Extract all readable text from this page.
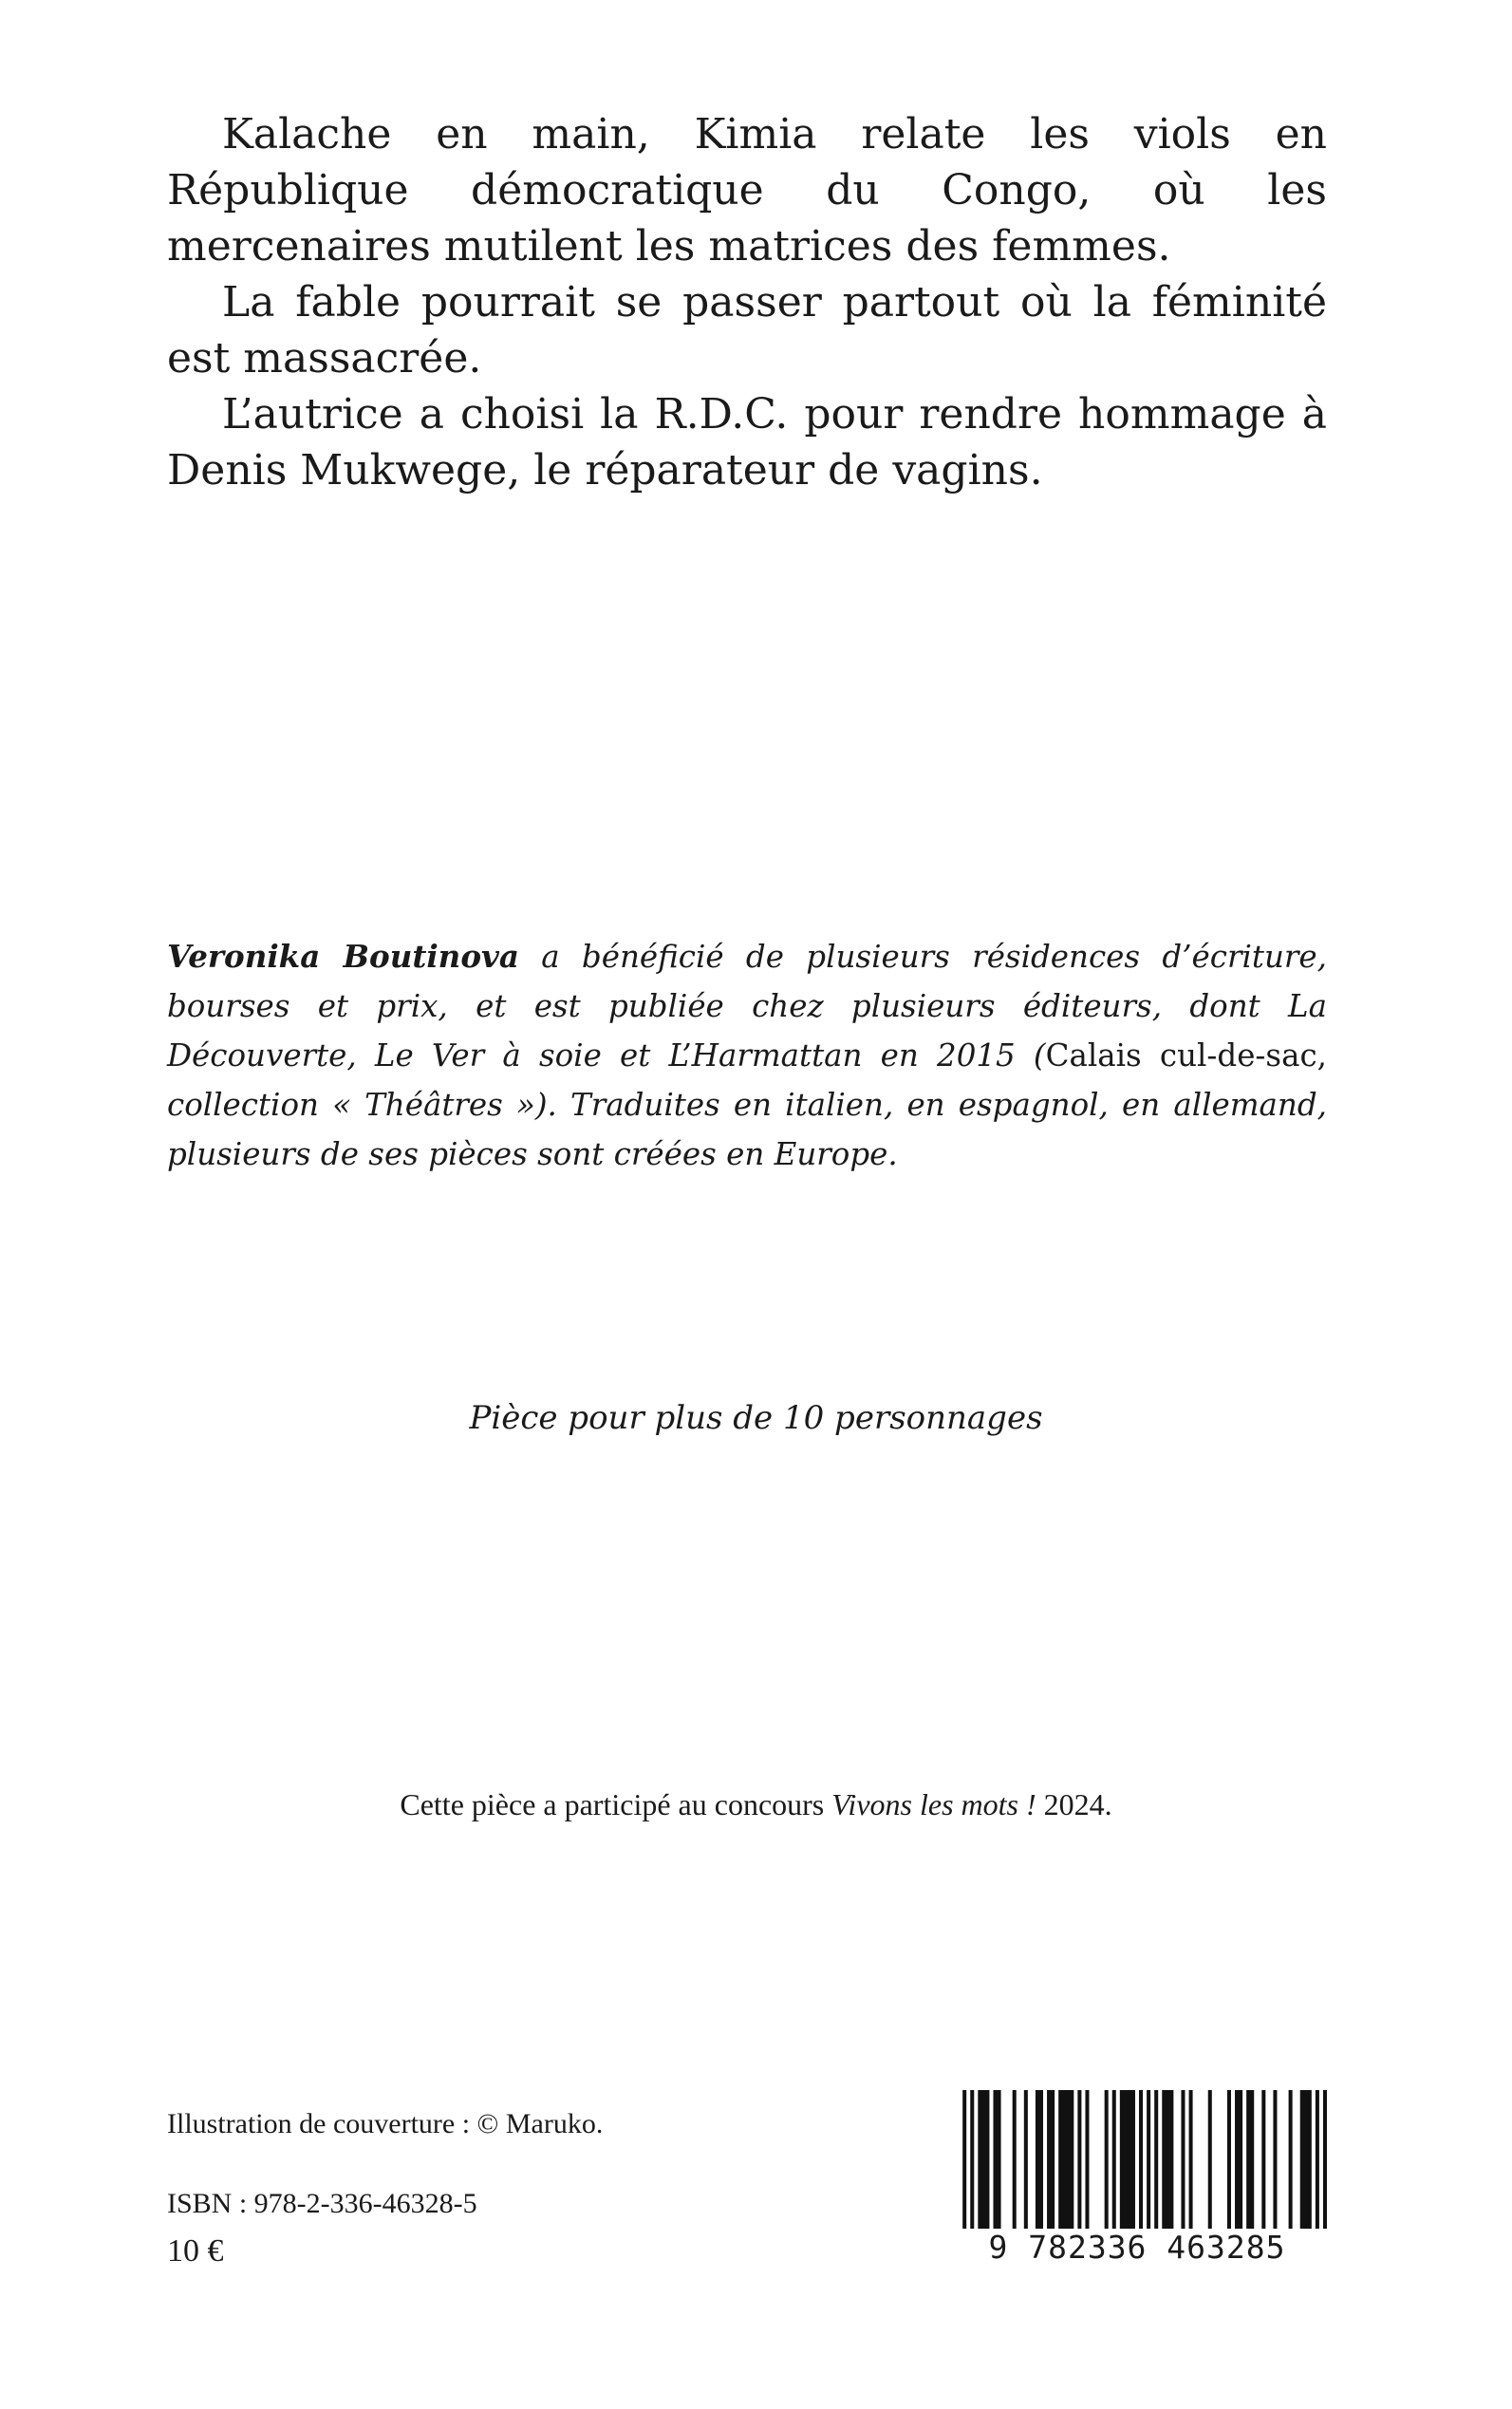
Kalache en main, Kimia relate les viols en République démocratique du Congo, où les mercenaires mutilent les matrices des femmes.

La fable pourrait se passer partout où la féminité est massacrée.

L’autrice a choisi la R.D.C. pour rendre hommage à Denis Mukwege, le réparateur de vagins.

Veronika Boutinova a bénéficié de plusieurs résidences d’écriture, bourses et prix, et est publiée chez plusieurs éditeurs, dont La Découverte, Le Ver à soie et L’Harmattan en 2015 (Calais cul-de-sac, collection « Théâtres »). Traduites en italien, en espagnol, en allemand, plusieurs de ses pièces sont créées en Europe.
Pièce pour plus de 10 personnages
Cette pièce a participé au concours Vivons les mots ! 2024.
Illustration de couverture : © Maruko.
ISBN : 978-2-336-46328-5
10 €	9 782336 463285
